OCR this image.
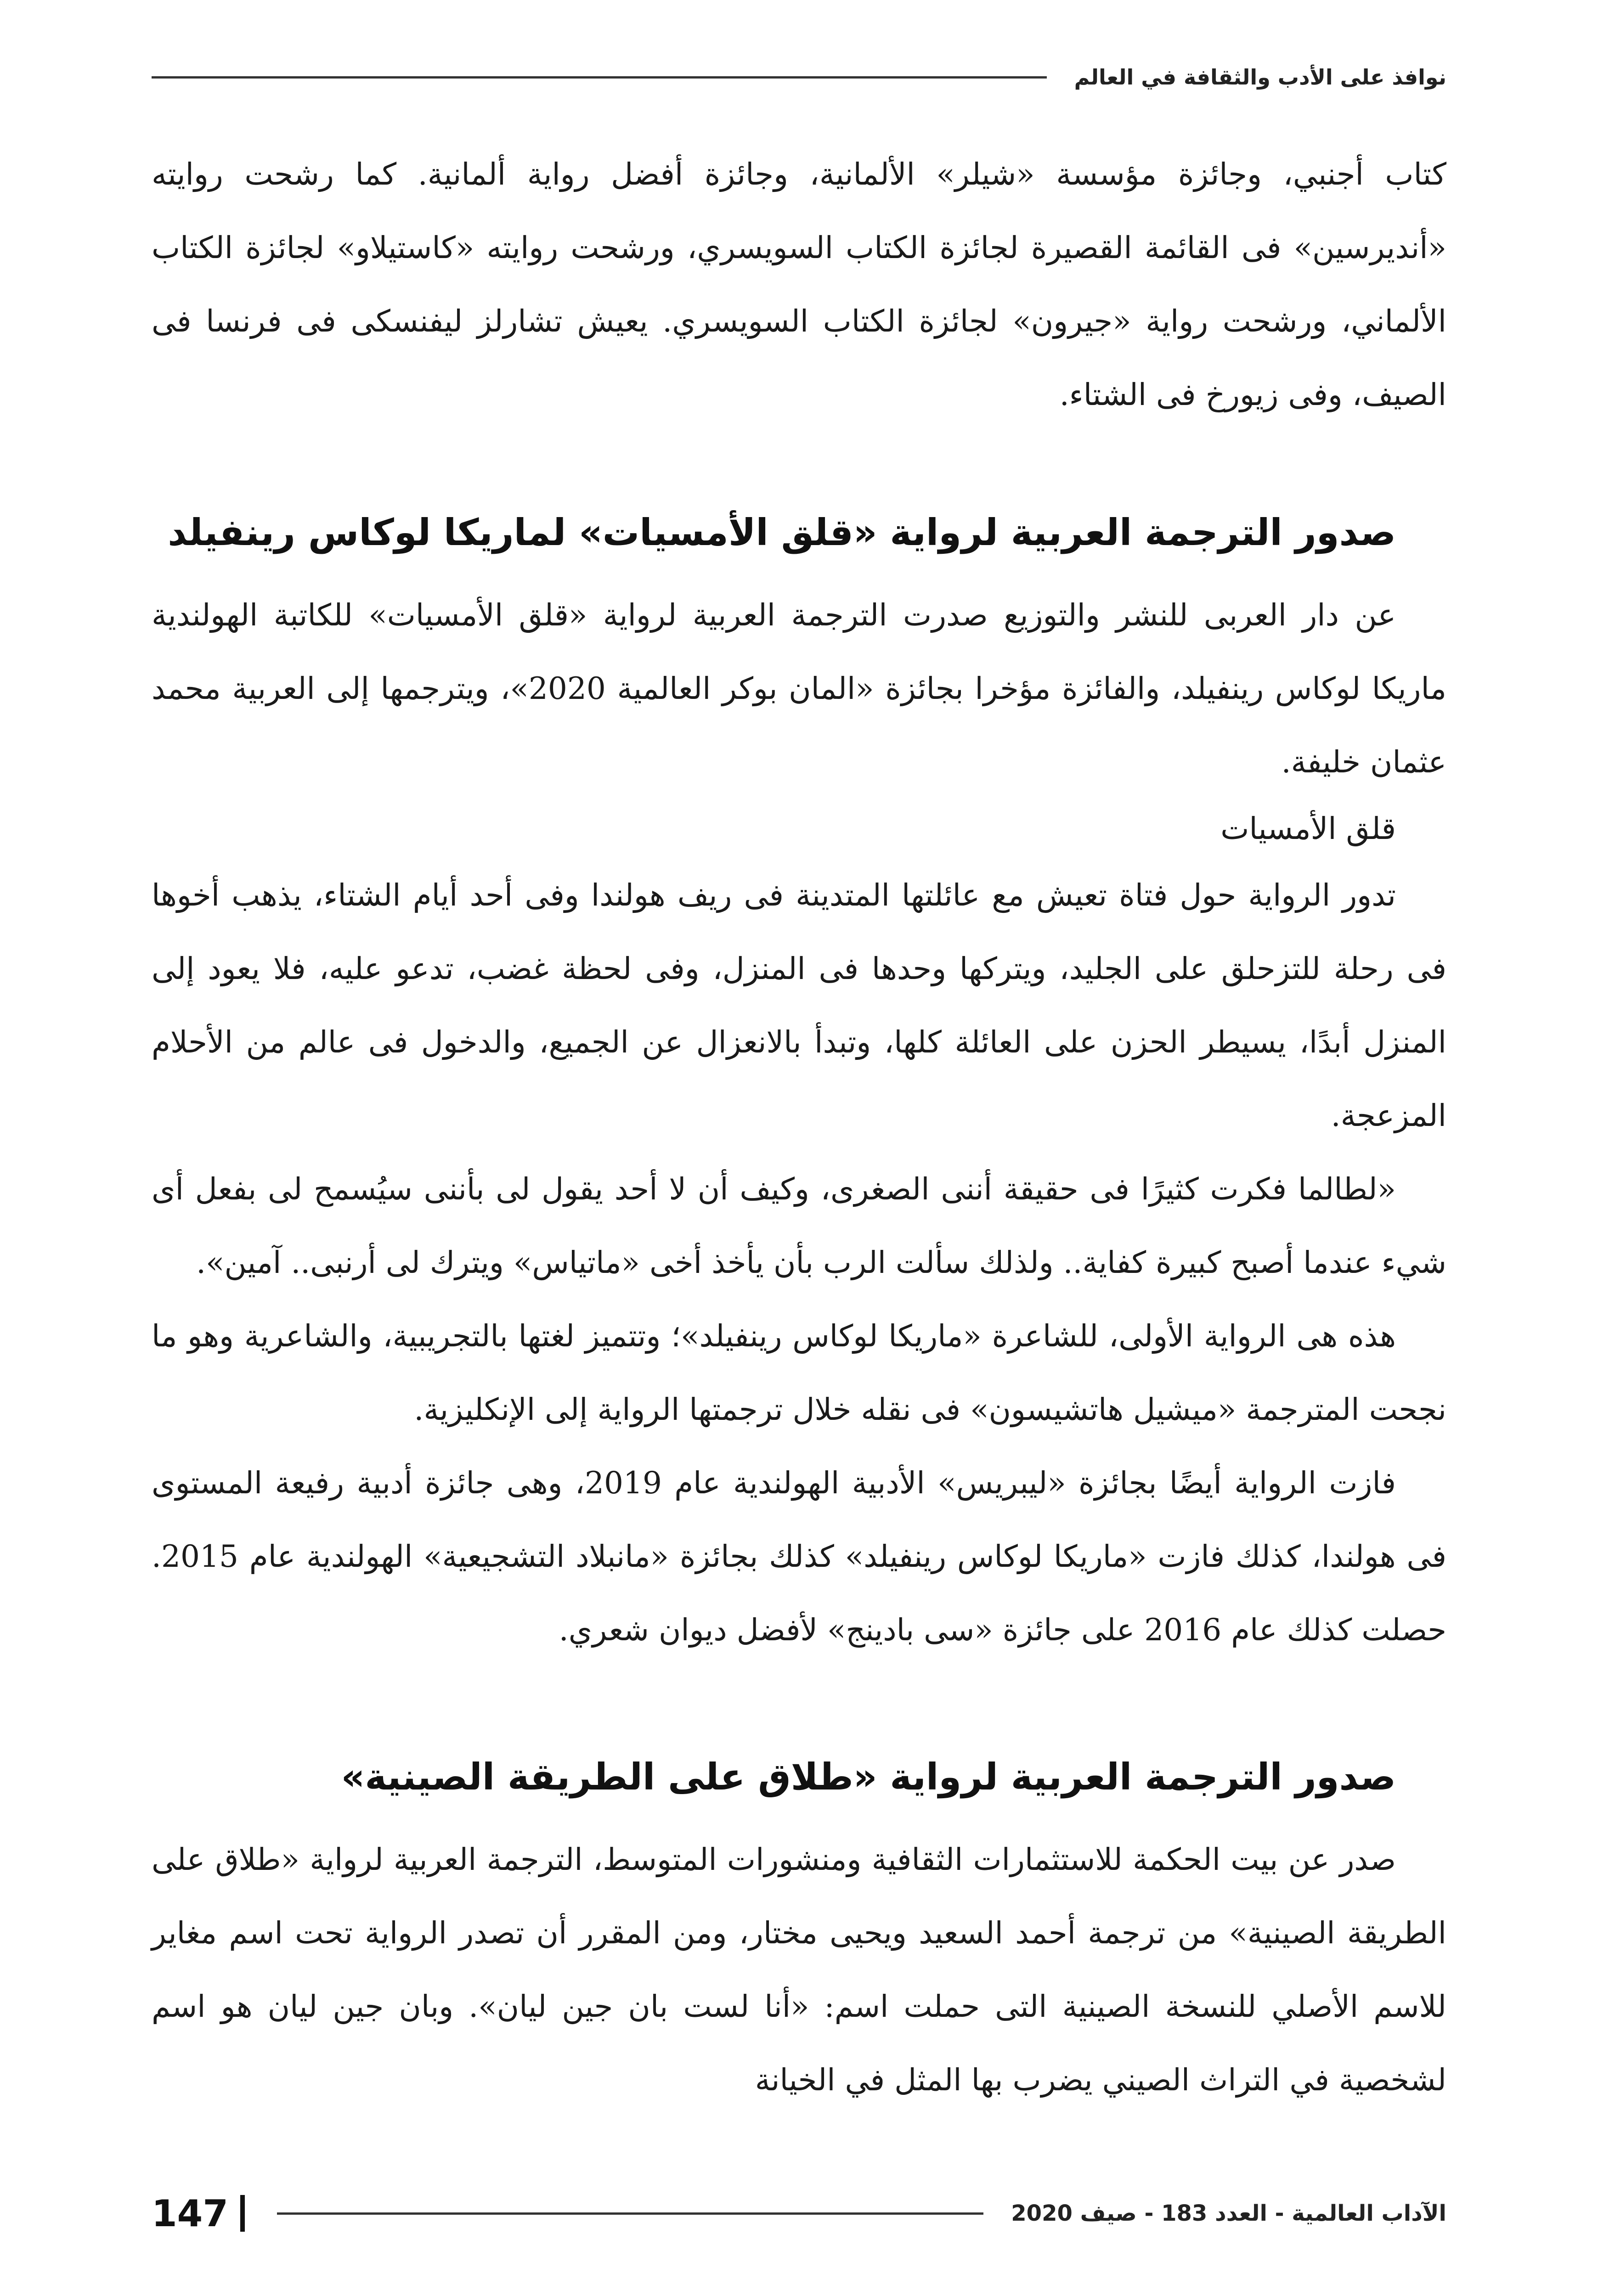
نوافذ على الأدب والثقافة في العالم

كتاب أجنبي، وجائزة مؤسسة «شيلر» الألمانية، وجائزة أفضل رواية ألمانية. كما رشحت روايته «أنديرسين» فى القائمة القصيرة لجائزة الكتاب السويسري، ورشحت روايته «كاستيلاو» لجائزة الكتاب الألماني، ورشحت رواية «جيرون» لجائزة الكتاب السويسري. يعيش تشارلز ليفنسكى فى فرنسا فى الصيف، وفى زيورخ فى الشتاء.

صدور الترجمة العربية لرواية «قلق الأمسيات» لماريكا لوكاس رينفيلد

عن دار العربى للنشر والتوزيع صدرت الترجمة العربية لرواية «قلق الأمسيات» للكاتبة الهولندية ماريكا لوكاس رينفيلد، والفائزة مؤخرا بجائزة «المان بوكر العالمية 2020»، ويترجمها إلى العربية محمد عثمان خليفة.

قلق الأمسيات

تدور الرواية حول فتاة تعيش مع عائلتها المتدينة فى ريف هولندا وفى أحد أيام الشتاء، يذهب أخوها فى رحلة للتزحلق على الجليد، ويتركها وحدها فى المنزل، وفى لحظة غضب، تدعو عليه، فلا يعود إلى المنزل أبدًا، يسيطر الحزن على العائلة كلها، وتبدأ بالانعزال عن الجميع، والدخول فى عالم من الأحلام المزعجة.

«لطالما فكرت كثيرًا فى حقيقة أننى الصغرى، وكيف أن لا أحد يقول لى بأننى سيُسمح لى بفعل أى شيء عندما أصبح كبيرة كفاية.. ولذلك سألت الرب بأن يأخذ أخى «ماتياس» ويترك لى أرنبى.. آمين».

هذه هى الرواية الأولى، للشاعرة «ماريكا لوكاس رينفيلد»؛ وتتميز لغتها بالتجريبية، والشاعرية وهو ما نجحت المترجمة «ميشيل هاتشيسون» فى نقله خلال ترجمتها الرواية إلى الإنكليزية.

فازت الرواية أيضًا بجائزة «ليبريس» الأدبية الهولندية عام 2019، وهى جائزة أدبية رفيعة المستوى فى هولندا، كذلك فازت «ماريكا لوكاس رينفيلد» كذلك بجائزة «مانبلاد التشجيعية» الهولندية عام 2015. حصلت كذلك عام 2016 على جائزة «سى بادينج» لأفضل ديوان شعري.

صدور الترجمة العربية لرواية «طلاق على الطريقة الصينية»

صدر عن بيت الحكمة للاستثمارات الثقافية ومنشورات المتوسط، الترجمة العربية لرواية «طلاق على الطريقة الصينية» من ترجمة أحمد السعيد ويحيى مختار، ومن المقرر أن تصدر الرواية تحت اسم مغاير للاسم الأصلي للنسخة الصينية التى حملت اسم: «أنا لست بان جين ليان». وبان جين ليان هو اسم لشخصية في التراث الصيني يضرب بها المثل في الخيانة

147	الآداب العالمية - العدد 183 - صيف 2020
